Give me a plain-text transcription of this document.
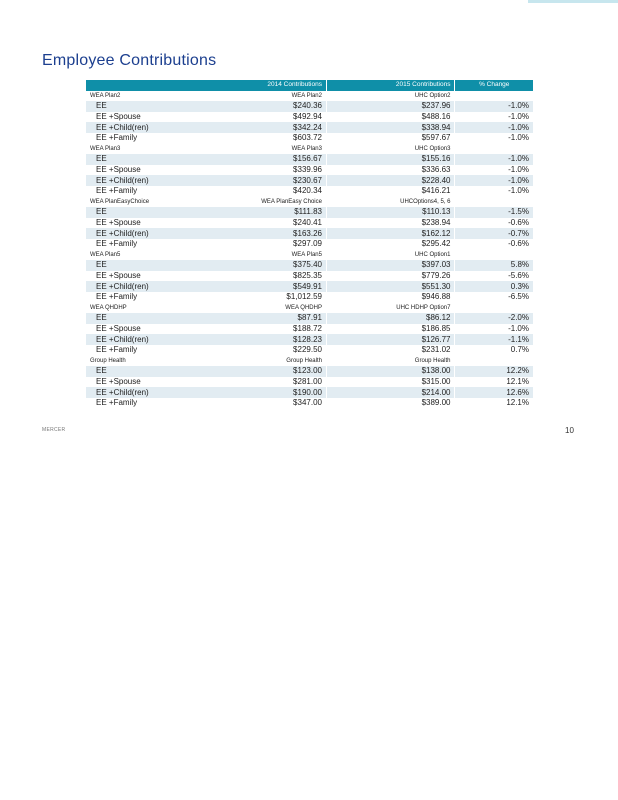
Employee Contributions
	2014 Contributions	2015 Contributions	% Change
WEA Plan2	WEA Plan2	UHC Option2	
EE	$240.36	$237.96	-1.0%
EE +Spouse	$492.94	$488.16	-1.0%
EE +Child(ren)	$342.24	$338.94	-1.0%
EE +Family	$603.72	$597.67	-1.0%
WEA Plan3	WEA Plan3	UHC Option3	
EE	$156.67	$155.16	-1.0%
EE +Spouse	$339.96	$336.63	-1.0%
EE +Child(ren)	$230.67	$228.40	-1.0%
EE +Family	$420.34	$416.21	-1.0%
WEA PlanEasyChoice	WEA PlanEasy Choice	UHCOptions4, 5, 6	
EE	$111.83	$110.13	-1.5%
EE +Spouse	$240.41	$238.94	-0.6%
EE +Child(ren)	$163.26	$162.12	-0.7%
EE +Family	$297.09	$295.42	-0.6%
WEA Plan5	WEA Plan5	UHC Option1	
EE	$375.40	$397.03	5.8%
EE +Spouse	$825.35	$779.26	-5.6%
EE +Child(ren)	$549.91	$551.30	0.3%
EE +Family	$1,012.59	$946.88	-6.5%
WEA QHDHP	WEA QHDHP	UHC HDHP Option7	
EE	$87.91	$86.12	-2.0%
EE +Spouse	$188.72	$186.85	-1.0%
EE +Child(ren)	$128.23	$126.77	-1.1%
EE +Family	$229.50	$231.02	0.7%
Group Health	Group Health	Group Health	
EE	$123.00	$138.00	12.2%
EE +Spouse	$281.00	$315.00	12.1%
EE +Child(ren)	$190.00	$214.00	12.6%
EE +Family	$347.00	$389.00	12.1%
MERCER	10
